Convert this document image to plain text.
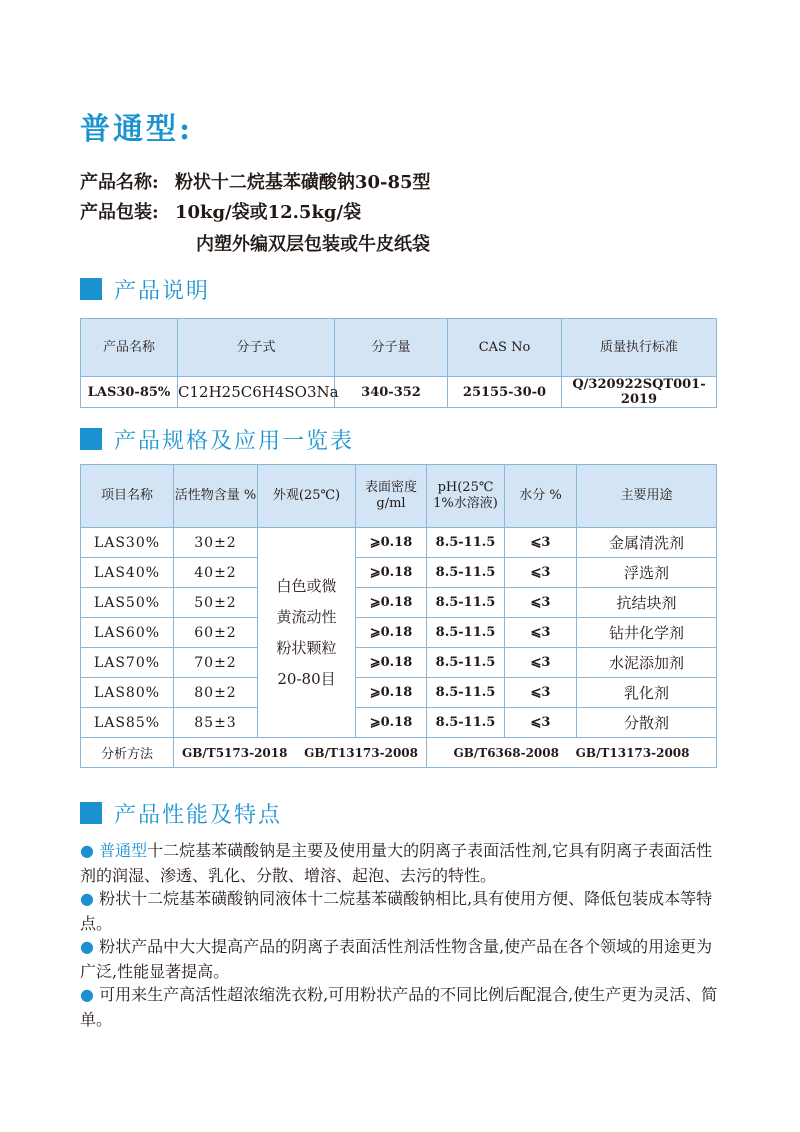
普通型:
产品名称: 粉状十二烷基苯磺酸钠30-85型
产品包装: 10kg/袋或12.5kg/袋
内塑外编双层包装或牛皮纸袋
产品说明
产品名称	分子式	分子量	CAS No	质量执行标准
LAS30-85%	C12H25C6H4SO3Na	340-352	25155-30-0	Q/320922SQT001-2019
产品规格及应用一览表
项目名称	活性物含量 %	外观(25℃)	表面密度 g/ml	pH(25℃ 1%水溶液)	水分 %	主要用途
LAS30%	30±2	白色或微
黄流动性
粉状颗粒
20-80目	⩾0.18	8.5-11.5	⩽3	金属清洗剂
LAS40%	40±2		⩾0.18	8.5-11.5	⩽3	浮选剂
LAS50%	50±2		⩾0.18	8.5-11.5	⩽3	抗结块剂
LAS60%	60±2		⩾0.18	8.5-11.5	⩽3	钻井化学剂
LAS70%	70±2		⩾0.18	8.5-11.5	⩽3	水泥添加剂
LAS80%	80±2		⩾0.18	8.5-11.5	⩽3	乳化剂
LAS85%	85±3		⩾0.18	8.5-11.5	⩽3	分散剂
分析方法	GB/T5173-2018    GB/T13173-2008			GB/T6368-2008    GB/T13173-2008		
产品性能及特点

● 普通型十二烷基苯磺酸钠是主要及使用量大的阴离子表面活性剂,它具有阴离子表面活性剂的润湿、渗透、乳化、分散、增溶、起泡、去污的特性。

● 粉状十二烷基苯磺酸钠同液体十二烷基苯磺酸钠相比,具有使用方便、降低包装成本等特点。

● 粉状产品中大大提高产品的阴离子表面活性剂活性物含量,使产品在各个领域的用途更为广泛,性能显著提高。

● 可用来生产高活性超浓缩洗衣粉,可用粉状产品的不同比例后配混合,使生产更为灵活、简单。
